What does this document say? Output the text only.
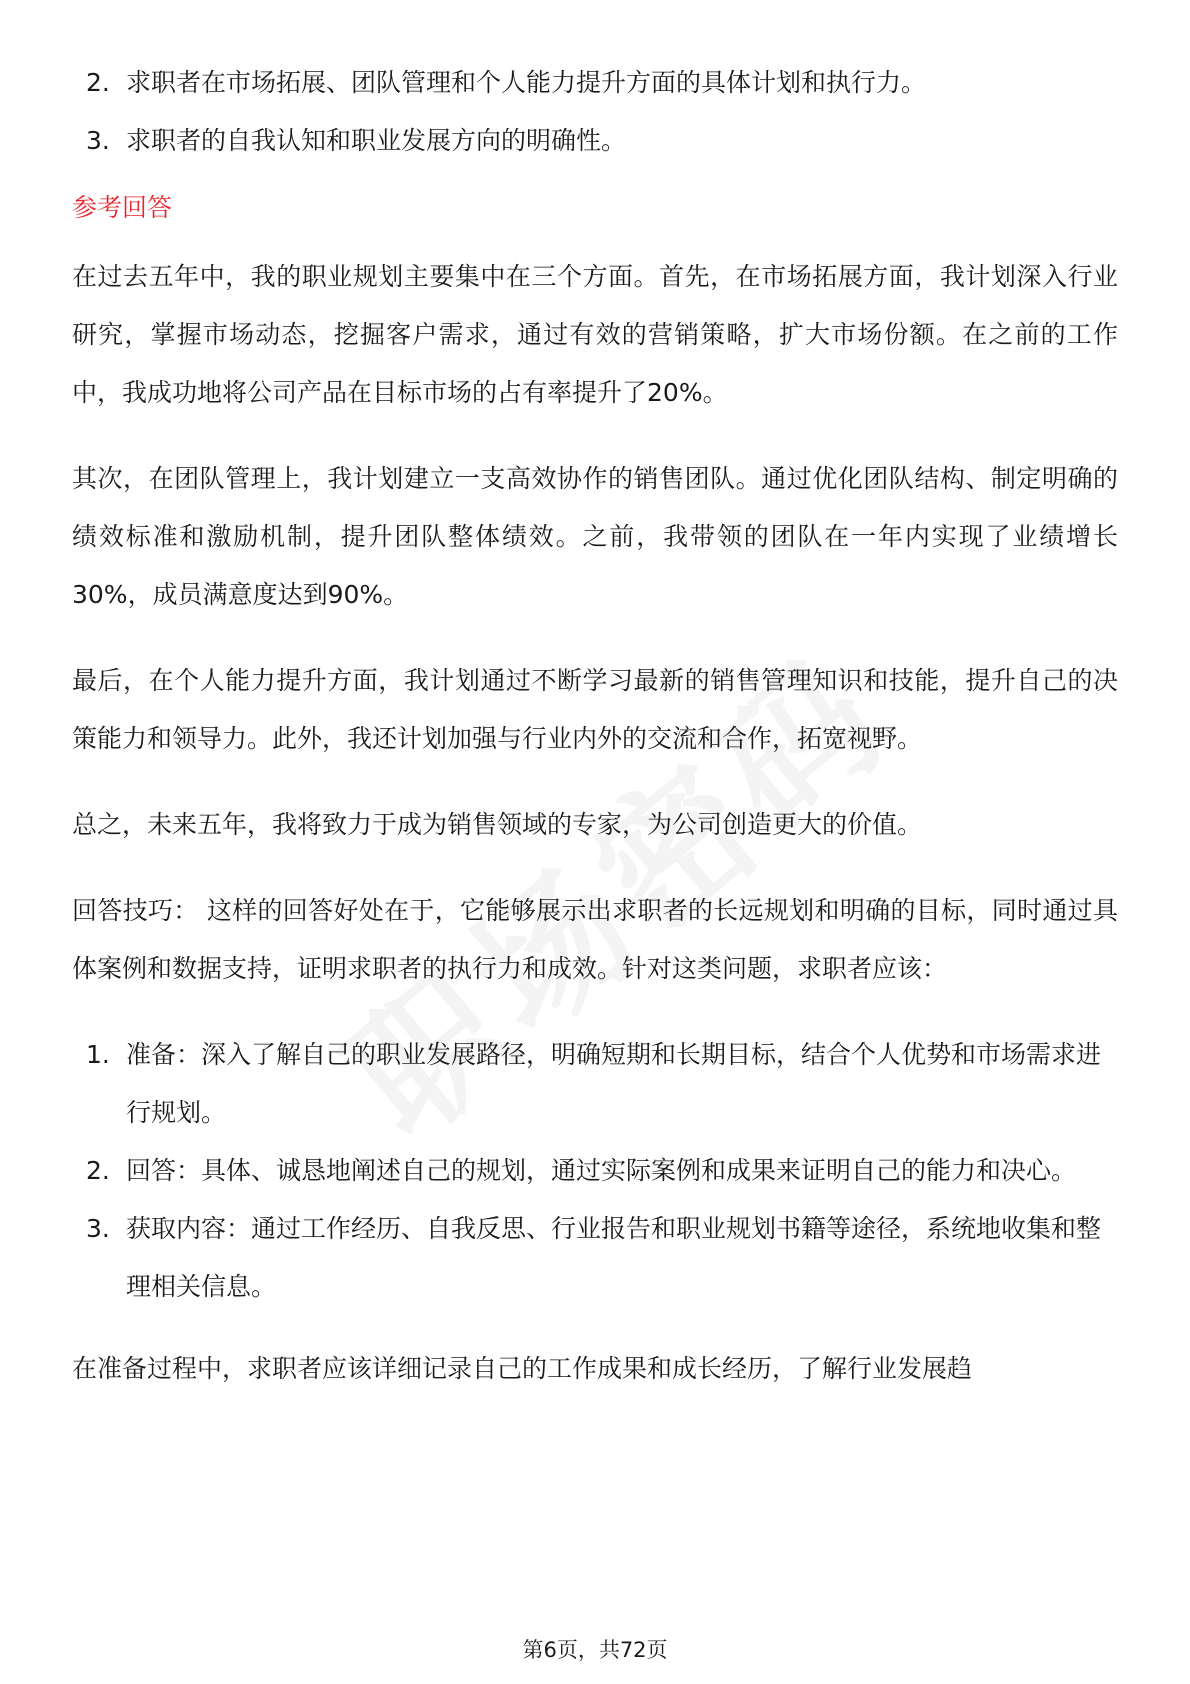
2. 求职者在市场拓展、团队管理和个人能力提升方面的具体计划和执行力。
3. 求职者的自我认知和职业发展方向的明确性。
参考回答

在过去五年中，我的职业规划主要集中在三个方面。首先，在市场拓展方面，我计划深入行业研究，掌握市场动态，挖掘客户需求，通过有效的营销策略，扩大市场份额。在之前的工作中，我成功地将公司产品在目标市场的占有率提升了20%。

其次，在团队管理上，我计划建立一支高效协作的销售团队。通过优化团队结构、制定明确的绩效标准和激励机制，提升团队整体绩效。之前，我带领的团队在一年内实现了业绩增长30%，成员满意度达到90%。

最后，在个人能力提升方面，我计划通过不断学习最新的销售管理知识和技能，提升自己的决策能力和领导力。此外，我还计划加强与行业内外的交流和合作，拓宽视野。

总之，未来五年，我将致力于成为销售领域的专家，为公司创造更大的价值。

回答技巧： 这样的回答好处在于，它能够展示出求职者的长远规划和明确的目标，同时通过具体案例和数据支持，证明求职者的执行力和成效。针对这类问题，求职者应该：

1. 准备：深入了解自己的职业发展路径，明确短期和长期目标，结合个人优势和市场需求进行规划。
2. 回答：具体、诚恳地阐述自己的规划，通过实际案例和成果来证明自己的能力和决心。
3. 获取内容：通过工作经历、自我反思、行业报告和职业规划书籍等途径，系统地收集和整理相关信息。

在准备过程中，求职者应该详细记录自己的工作成果和成长经历，了解行业发展趋

第6页，共72页
